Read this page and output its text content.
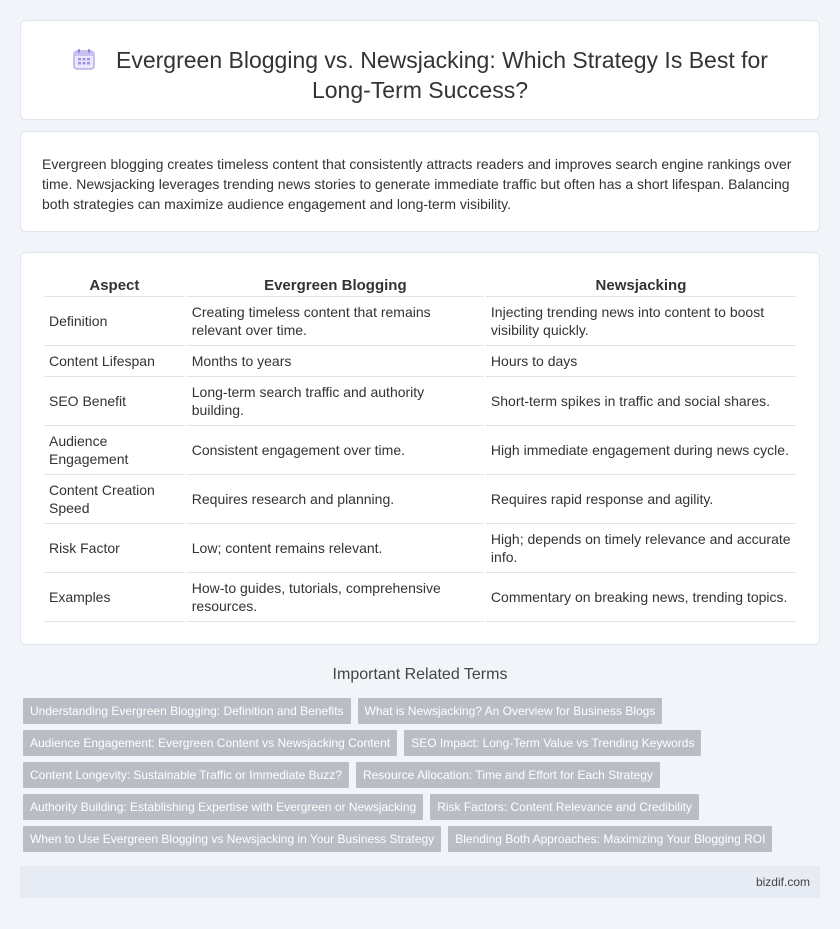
Evergreen Blogging vs. Newsjacking: Which Strategy Is Best for Long-Term Success?

Evergreen blogging creates timeless content that consistently attracts readers and improves search engine rankings over time. Newsjacking leverages trending news stories to generate immediate traffic but often has a short lifespan. Balancing both strategies can maximize audience engagement and long-term visibility.

Aspect	Evergreen Blogging	Newsjacking
Definition	Creating timeless content that remains relevant over time.	Injecting trending news into content to boost visibility quickly.
Content Lifespan	Months to years	Hours to days
SEO Benefit	Long-term search traffic and authority building.	Short-term spikes in traffic and social shares.
Audience Engagement	Consistent engagement over time.	High immediate engagement during news cycle.
Content Creation Speed	Requires research and planning.	Requires rapid response and agility.
Risk Factor	Low; content remains relevant.	High; depends on timely relevance and accurate info.
Examples	How-to guides, tutorials, comprehensive resources.	Commentary on breaking news, trending topics.
Important Related Terms
Understanding Evergreen Blogging: Definition and Benefits	What is Newsjacking? An Overview for Business Blogs
Audience Engagement: Evergreen Content vs Newsjacking Content	SEO Impact: Long-Term Value vs Trending Keywords
Content Longevity: Sustainable Traffic or Immediate Buzz?	Resource Allocation: Time and Effort for Each Strategy
Authority Building: Establishing Expertise with Evergreen or Newsjacking	Risk Factors: Content Relevance and Credibility
When to Use Evergreen Blogging vs Newsjacking in Your Business Strategy	Blending Both Approaches: Maximizing Your Blogging ROI
bizdif.com
